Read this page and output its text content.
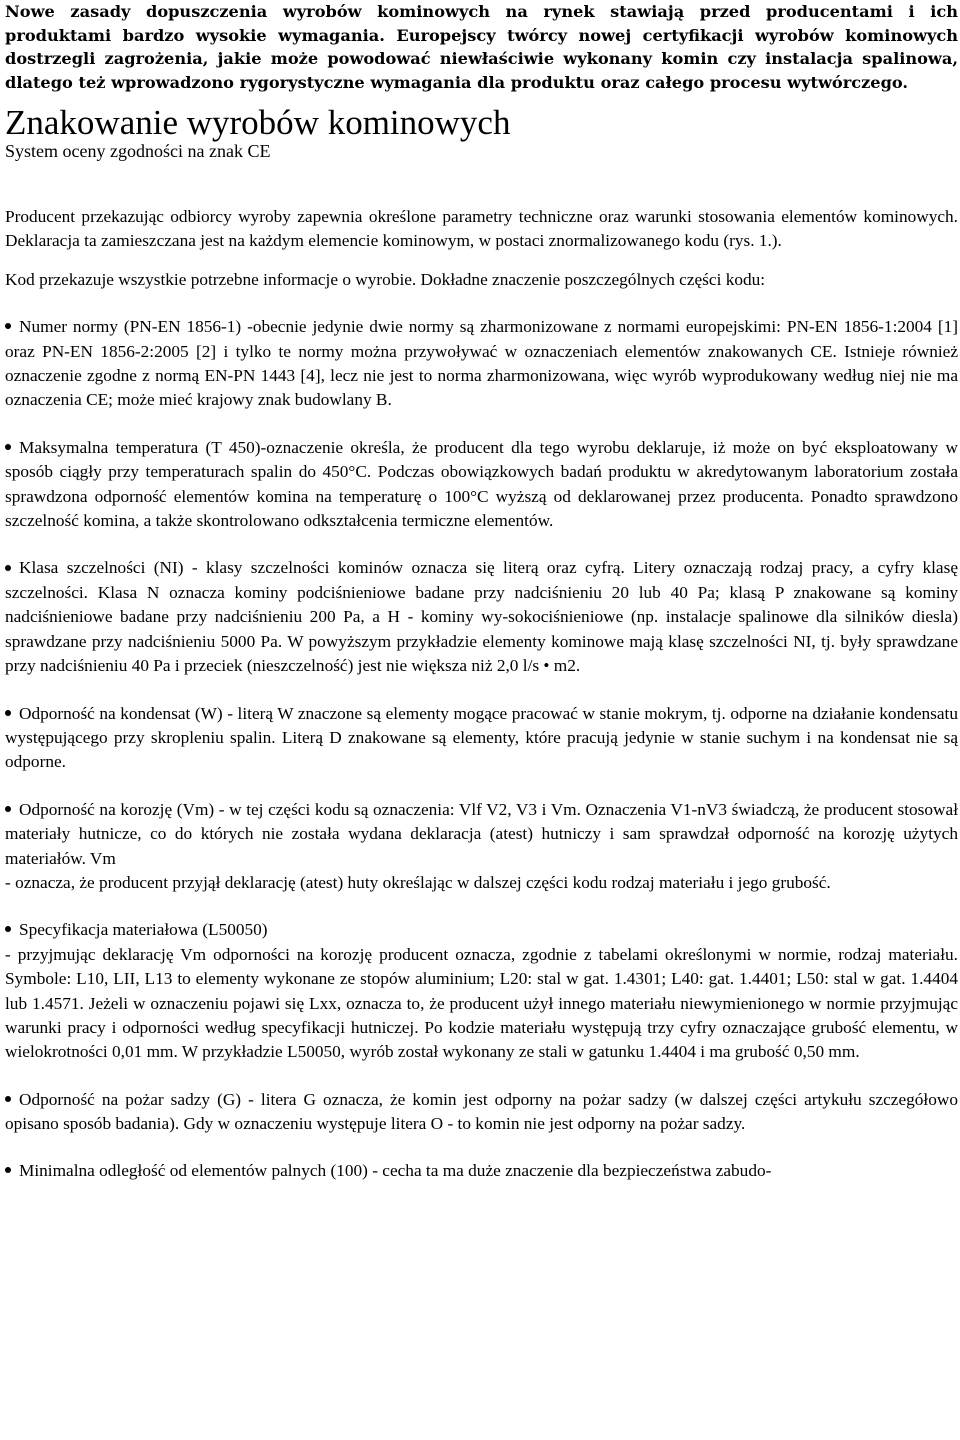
Nowe zasady dopuszczenia wyrobów kominowych na rynek stawiają przed producentami i ich produktami bardzo wysokie wymagania. Europejscy twórcy nowej certyfikacji wyrobów kominowych dostrzegli zagrożenia, jakie może powodować niewłaściwie wykonany komin czy instalacja spalinowa, dlatego też wprowadzono rygorystyczne wymagania dla produktu oraz całego procesu wytwórczego.

Znakowanie wyrobów kominowych
System oceny zgodności na znak CE

Producent przekazując odbiorcy wyroby zapewnia określone parametry techniczne oraz warunki stosowania elementów kominowych. Deklaracja ta zamieszczana jest na każdym elemencie kominowym, w postaci znormalizowanego kodu (rys. 1.).

Kod przekazuje wszystkie potrzebne informacje o wyrobie. Dokładne znaczenie poszczególnych części kodu:

Numer normy (PN-EN 1856-1) -obecnie jedynie dwie normy są zharmonizowane z normami europejskimi: PN-EN 1856-1:2004 [1] oraz PN-EN 1856-2:2005 [2] i tylko te normy można przywoływać w oznaczeniach elementów znakowanych CE. Istnieje również oznaczenie zgodne z normą EN-PN 1443 [4], lecz nie jest to norma zharmonizowana, więc wyrób wyprodukowany według niej nie ma oznaczenia CE; może mieć krajowy znak budowlany B.

Maksymalna temperatura (T 450)-oznaczenie określa, że producent dla tego wyrobu deklaruje, iż może on być eksploatowany w sposób ciągły przy temperaturach spalin do 450°C. Podczas obowiązkowych badań produktu w akredytowanym laboratorium została sprawdzona odporność elementów komina na temperaturę o 100°C wyższą od deklarowanej przez producenta. Ponadto sprawdzono szczelność komina, a także skontrolowano odkształcenia termiczne elementów.

Klasa szczelności (NI) - klasy szczelności kominów oznacza się literą oraz cyfrą. Litery oznaczają rodzaj pracy, a cyfry klasę szczelności. Klasa N oznacza kominy podciśnieniowe badane przy nadciśnieniu 20 lub 40 Pa; klasą P znakowane są kominy nadciśnieniowe badane przy nadciśnieniu 200 Pa, a H - kominy wy-sokociśnieniowe (np. instalacje spalinowe dla silników diesla) sprawdzane przy nadciśnieniu 5000 Pa. W powyższym przykładzie elementy kominowe mają klasę szczelności NI, tj. były sprawdzane przy nadciśnieniu 40 Pa i przeciek (nieszczelność) jest nie większa niż 2,0 l/s • m2.

Odporność na kondensat (W) - literą W znaczone są elementy mogące pracować w stanie mokrym, tj. odporne na działanie kondensatu występującego przy skropleniu spalin. Literą D znakowane są elementy, które pracują jedynie w stanie suchym i na kondensat nie są odporne.

Odporność na korozję (Vm) - w tej części kodu są oznaczenia: Vlf V2, V3 i Vm. Oznaczenia V1-nV3 świadczą, że producent stosował materiały hutnicze, co do których nie została wydana deklaracja (atest) hutniczy i sam sprawdzał odporność na korozję użytych materiałów. Vm

- oznacza, że producent przyjął deklarację (atest) huty określając w dalszej części kodu rodzaj materiału i jego grubość.

Specyfikacja materiałowa (L50050)

- przyjmując deklarację Vm odporności na korozję producent oznacza, zgodnie z tabelami określonymi w normie, rodzaj materiału. Symbole: L10, LII, L13 to elementy wykonane ze stopów aluminium; L20: stal w gat. 1.4301; L40: gat. 1.4401; L50: stal w gat. 1.4404 lub 1.4571. Jeżeli w oznaczeniu pojawi się Lxx, oznacza to, że producent użył innego materiału niewymienionego w normie przyjmując warunki pracy i odporności według specyfikacji hutniczej. Po kodzie materiału występują trzy cyfry oznaczające grubość elementu, w wielokrotności 0,01 mm. W przykładzie L50050, wyrób został wykonany ze stali w gatunku 1.4404 i ma grubość 0,50 mm.

Odporność na pożar sadzy (G) - litera G oznacza, że komin jest odporny na pożar sadzy (w dalszej części artykułu szczegółowo opisano sposób badania). Gdy w oznaczeniu występuje litera O - to komin nie jest odporny na pożar sadzy.

Minimalna odległość od elementów palnych (100) - cecha ta ma duże znaczenie dla bezpieczeństwa zabudo-
